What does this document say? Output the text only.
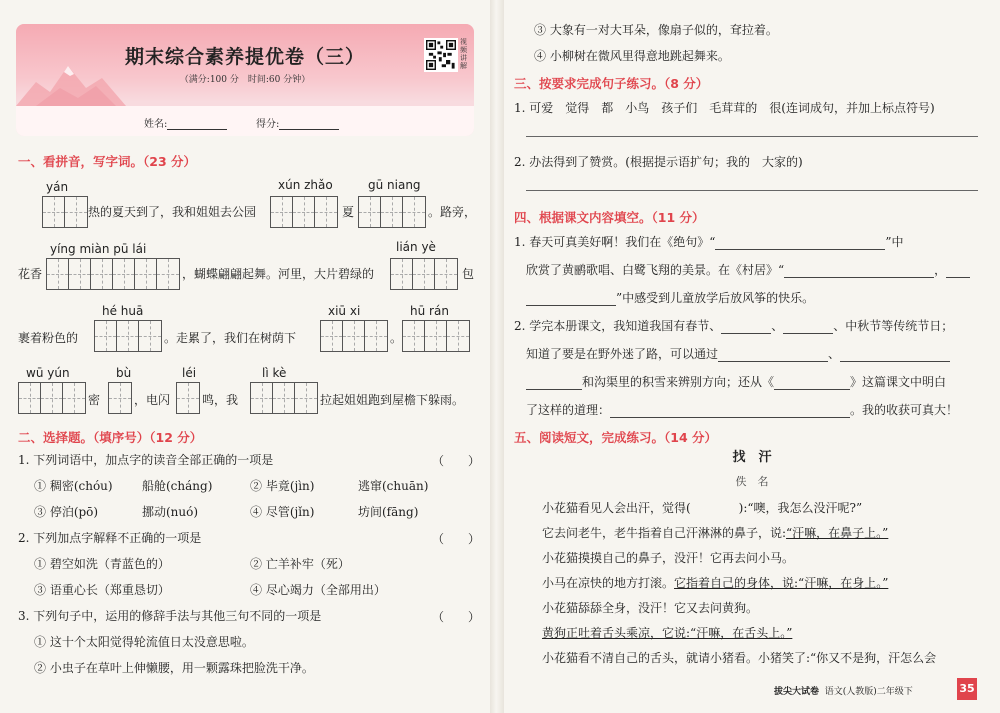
期末综合素养提优卷（三）
（满分:100 分　时间:60 分钟）
视频讲解
姓名:	得分:
一、看拼音，写字词。（23 分）
yán
热的夏天到了，我和姐姐去公园
xún zhǎo
夏
gū niang
。路旁，
yíng miàn pū lái
花香	，蝴蝶翩翩起舞。河里，大片碧绿的
lián yè
包
裹着粉色的
hé huā
。走累了，我们在树荫下
xiū xi
。
hū rán
wū yún
密
bù
，电闪
léi
鸣，我
lì kè
拉起姐姐跑到屋檐下躲雨。
二、选择题。（填序号）（12 分）
1. 下列词语中，加点字的读音全部正确的一项是	（　　）
① 稠密(chóu) 船舱(cháng)	② 毕竟(jìn)	逃窜(chuān)
③ 停泊(pō)	挪动(nuó)	④ 尽管(jǐn)	坊间(fāng)
2. 下列加点字解释不正确的一项是	（　　）
① 碧空如洗（青蓝色的）	② 亡羊补牢（死）
③ 语重心长（郑重恳切）	④ 尽心竭力（全部用出）
3. 下列句子中，运用的修辞手法与其他三句不同的一项是	（　　）
① 这十个太阳觉得轮流值日太没意思啦。
② 小虫子在草叶上伸懒腰，用一颗露珠把脸洗干净。
③ 大象有一对大耳朵，像扇子似的，耷拉着。
④ 小柳树在微风里得意地跳起舞来。
三、按要求完成句子练习。（8 分）
1. 可爱　觉得　都　小鸟　孩子们　毛茸茸的　很(连词成句，并加上标点符号)
2. 办法得到了赞赏。(根据提示语扩句；我的　大家的)
四、根据课文内容填空。（11 分）
1. 春天可真美好啊！我们在《绝句》“	”中
欣赏了黄鹂歌唱、白鹭飞翔的美景。在《村居》“	，
”中感受到儿童放学后放风筝的快乐。
2. 学完本册课文，我知道我国有春节、	、	、中秋节等传统节日；
知道了要是在野外迷了路，可以通过	、
和沟渠里的积雪来辨别方向；还从《	》这篇课文中明白
了这样的道理：	。我的收获可真大！
五、阅读短文，完成练习。（14 分）
找　汗
佚　名
小花猫看见人会出汗，觉得(　　　　):“噢，我怎么没汗呢?”
它去问老牛，老牛指着自己汗淋淋的鼻子，说:“汗嘛，在鼻子上。”
小花猫摸摸自己的鼻子，没汗！它再去问小马。
小马在凉快的地方打滚。它指着自己的身体，说:“汗嘛，在身上。”
小花猫舔舔全身，没汗！它又去问黄狗。
黄狗正吐着舌头乘凉，它说:“汗嘛，在舌头上。”
小花猫看不清自己的舌头，就请小猪看。小猪笑了:“你又不是狗，汗怎么会
拔尖大试卷 语文(人教版)二年级下	35
